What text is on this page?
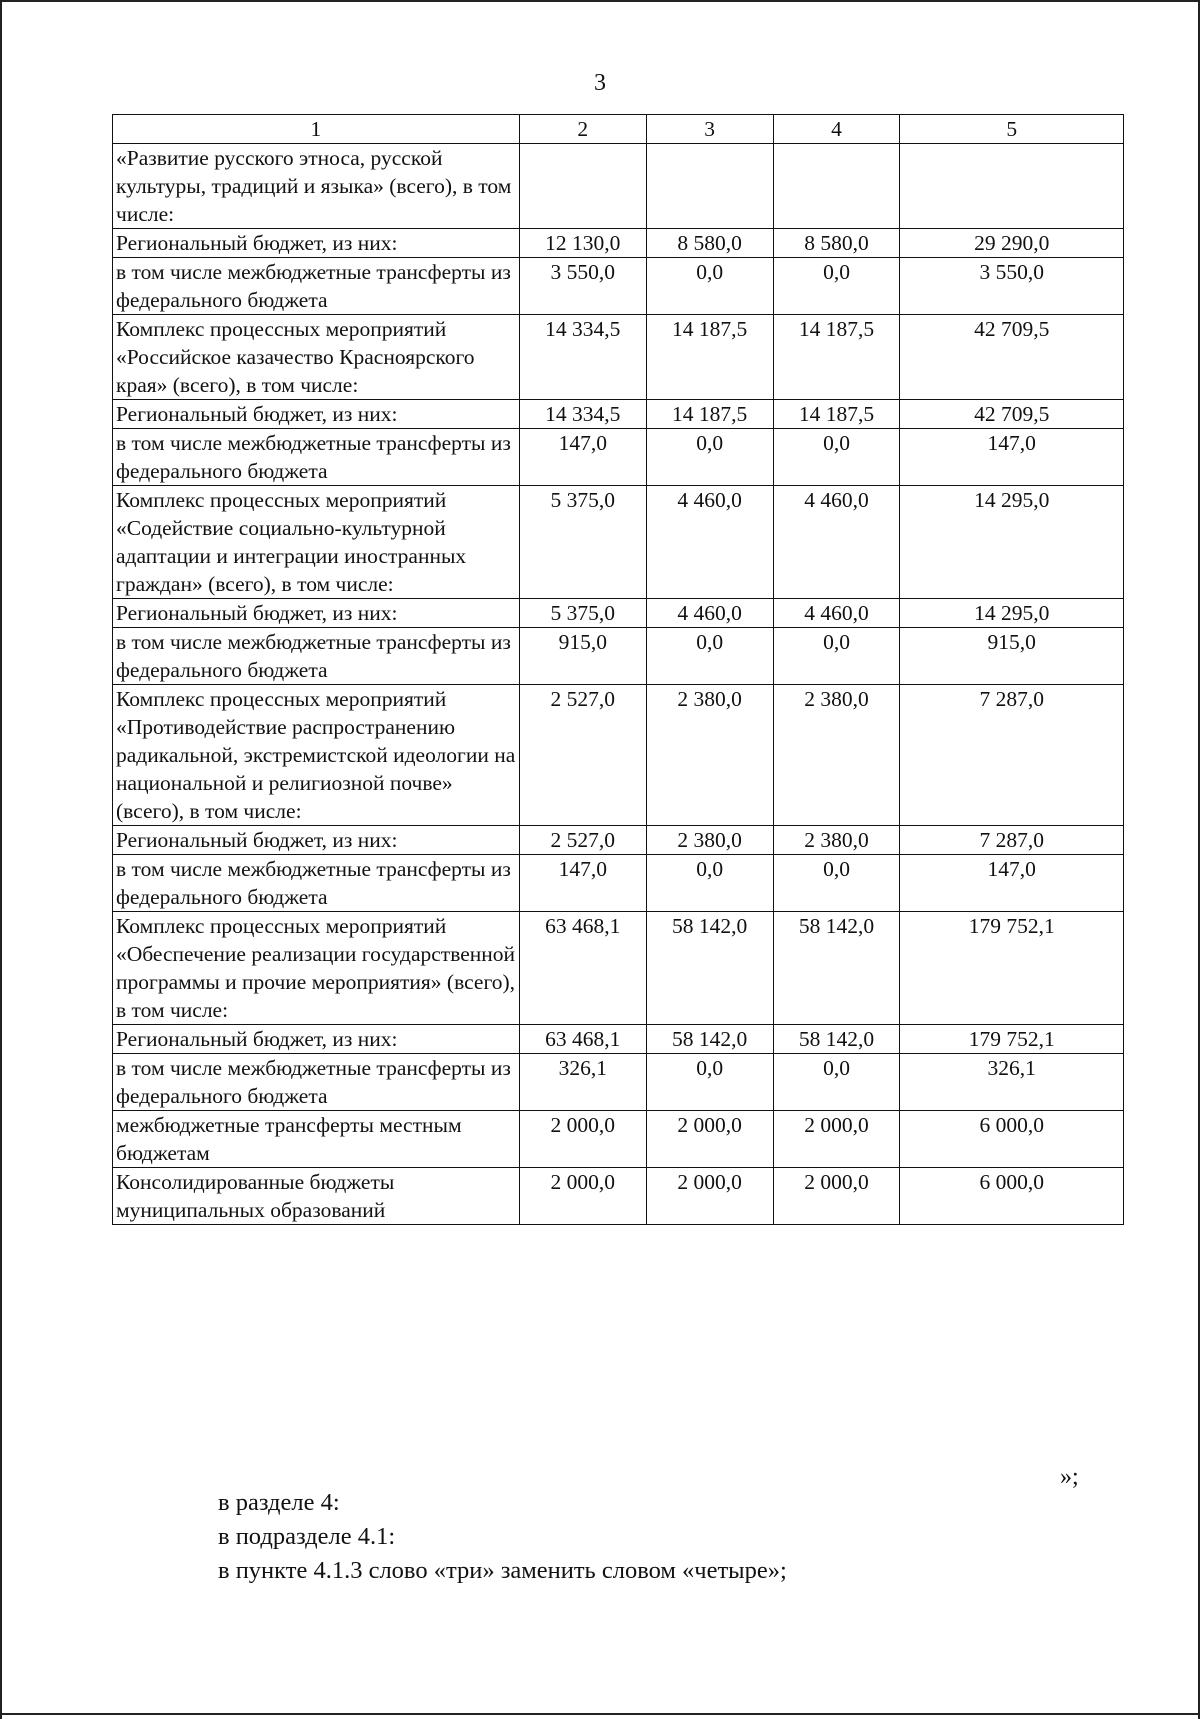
3
1	2	3	4	5
«Развитие русского этноса, русской культуры, традиций и языка» (всего), в том числе:				
Региональный бюджет, из них:	12 130,0	8 580,0	8 580,0	29 290,0
в том числе межбюджетные трансферты из федерального бюджета	3 550,0	0,0	0,0	3 550,0
Комплекс процессных мероприятий «Российское казачество Красноярского края» (всего), в том числе:	14 334,5	14 187,5	14 187,5	42 709,5
Региональный бюджет, из них:	14 334,5	14 187,5	14 187,5	42 709,5
в том числе межбюджетные трансферты из федерального бюджета	147,0	0,0	0,0	147,0
Комплекс процессных мероприятий «Содействие социально-культурной адаптации и интеграции иностранных граждан» (всего), в том числе:	5 375,0	4 460,0	4 460,0	14 295,0
Региональный бюджет, из них:	5 375,0	4 460,0	4 460,0	14 295,0
в том числе межбюджетные трансферты из федерального бюджета	915,0	0,0	0,0	915,0
Комплекс процессных мероприятий «Противодействие распространению радикальной, экстремистской идеологии на национальной и религиозной почве» (всего), в том числе:	2 527,0	2 380,0	2 380,0	7 287,0
Региональный бюджет, из них:	2 527,0	2 380,0	2 380,0	7 287,0
в том числе межбюджетные трансферты из федерального бюджета	147,0	0,0	0,0	147,0
Комплекс процессных мероприятий «Обеспечение реализации государственной программы и прочие мероприятия» (всего), в том числе:	63 468,1	58 142,0	58 142,0	179 752,1
Региональный бюджет, из них:	63 468,1	58 142,0	58 142,0	179 752,1
в том числе межбюджетные трансферты из федерального бюджета	326,1	0,0	0,0	326,1
межбюджетные трансферты местным бюджетам	2 000,0	2 000,0	2 000,0	6 000,0
Консолидированные бюджеты муниципальных образований	2 000,0	2 000,0	2 000,0	6 000,0
»;
в разделе 4:
в подразделе 4.1:
в пункте 4.1.3 слово «три» заменить словом «четыре»;
